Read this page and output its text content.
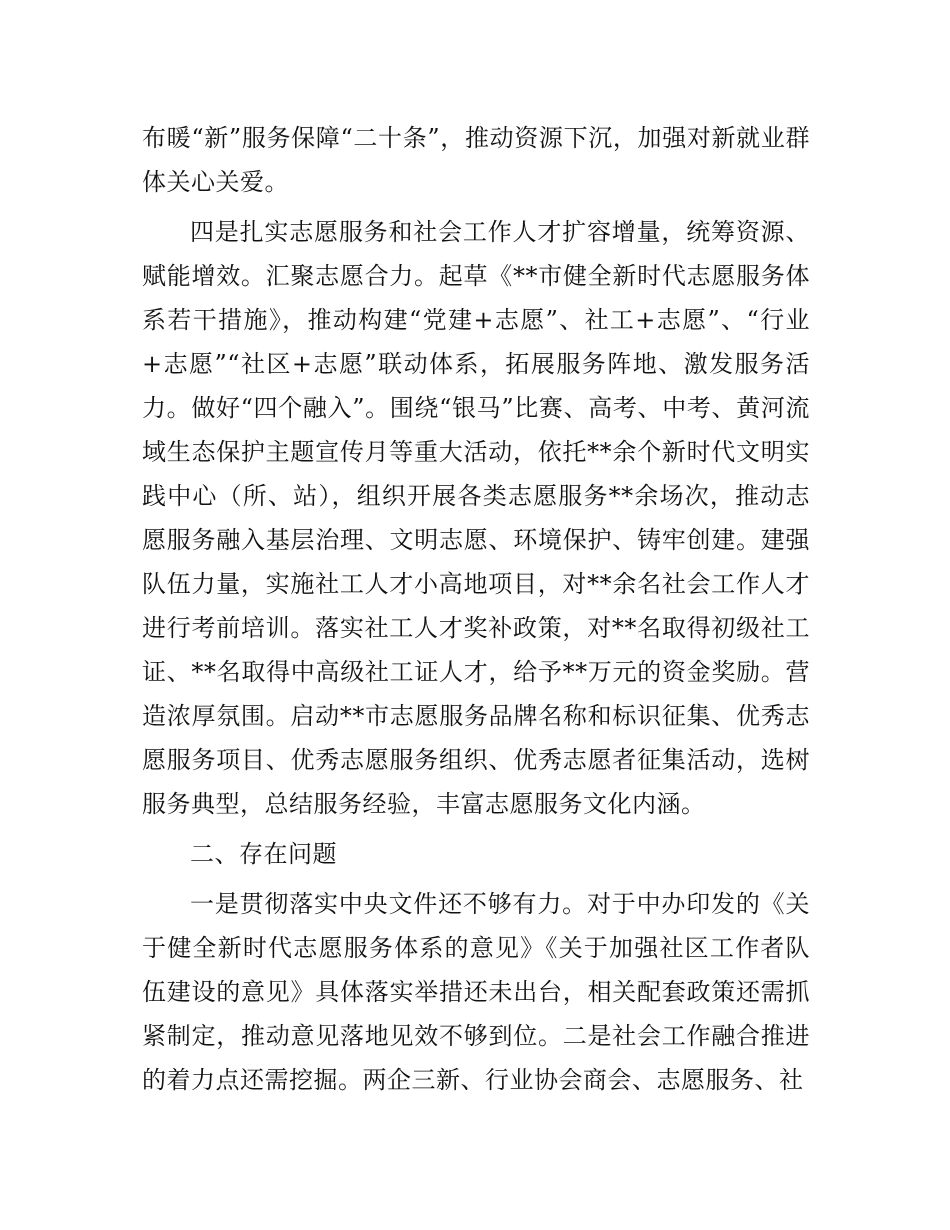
布暖“新”服务保障“二十条”，推动资源下沉，加强对新就业群体关心关爱。

四是扎实志愿服务和社会工作人才扩容增量，统筹资源、赋能增效。汇聚志愿合力。起草《**市健全新时代志愿服务体系若干措施》，推动构建“党建+志愿”、社工+志愿”、“行业+志愿”“社区+志愿”联动体系，拓展服务阵地、激发服务活力。做好“四个融入”。围绕“银马”比赛、高考、中考、黄河流域生态保护主题宣传月等重大活动，依托**余个新时代文明实践中心（所、站），组织开展各类志愿服务**余场次，推动志愿服务融入基层治理、文明志愿、环境保护、铸牢创建。建强队伍力量，实施社工人才小高地项目，对**余名社会工作人才进行考前培训。落实社工人才奖补政策，对**名取得初级社工证、**名取得中高级社工证人才，给予**万元的资金奖励。营造浓厚氛围。启动**市志愿服务品牌名称和标识征集、优秀志愿服务项目、优秀志愿服务组织、优秀志愿者征集活动，选树服务典型，总结服务经验，丰富志愿服务文化内涵。

二、存在问题

一是贯彻落实中央文件还不够有力。对于中办印发的《关于健全新时代志愿服务体系的意见》《关于加强社区工作者队伍建设的意见》具体落实举措还未出台，相关配套政策还需抓紧制定，推动意见落地见效不够到位。二是社会工作融合推进的着力点还需挖掘。两企三新、行业协会商会、志愿服务、社
